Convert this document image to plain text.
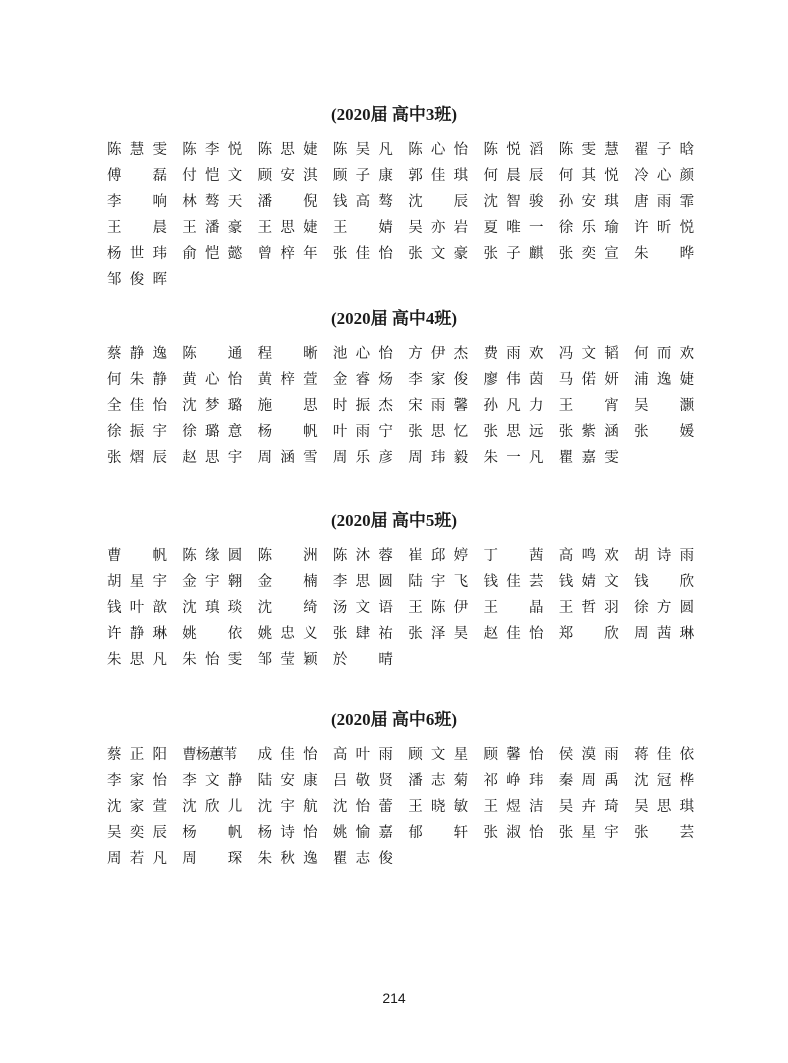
(2020届 高中3班)
陈慧雯 陈李悦 陈思婕 陈吴凡 陈心怡 陈悦滔 陈雯慧 翟子晗
傅 磊 付恺文 顾安淇 顾子康 郭佳琪 何晨辰 何其悦 冷心颜
李 响 林骜天 潘 倪 钱高骜 沈 辰 沈智骏 孙安琪 唐雨霏
王 晨 王潘豪 王思婕 王 婧 吴亦岩 夏唯一 徐乐瑜 许昕悦
杨世玮 俞恺懿 曾梓年 张佳怡 张文豪 张子麒 张奕宣 朱 晔
邹俊晖
(2020届 高中4班)
蔡静逸 陈 通 程 晰 池心怡 方伊杰 费雨欢 冯文韬 何而欢
何朱静 黄心怡 黄梓萱 金睿炀 李家俊 廖伟茵 马偌妍 浦逸婕
全佳怡 沈梦璐 施 思 时振杰 宋雨馨 孙凡力 王 宵 吴 灏
徐振宇 徐璐意 杨 帆 叶雨宁 张思忆 张思远 张紫涵 张 媛
张熠辰 赵思宇 周涵雪 周乐彦 周玮毅 朱一凡 瞿嘉雯
(2020届 高中5班)
曹 帆 陈缘圆 陈 洲 陈沐蓉 崔邱婷 丁 茜 高鸣欢 胡诗雨
胡星宇 金宇翱 金 楠 李思圆 陆宇飞 钱佳芸 钱婧文 钱 欣
钱叶歆 沈瑱琰 沈 绮 汤文语 王陈伊 王 晶 王哲羽 徐方圆
许静琳 姚 依 姚忠义 张肆祐 张泽昊 赵佳怡 郑 欣 周茜琳
朱思凡 朱怡雯 邹莹颖 於 晴
(2020届 高中6班)
蔡正阳 曹杨蕙苇 成佳怡 高叶雨 顾文星 顾馨怡 侯漠雨 蒋佳依
李家怡 李文静 陆安康 吕敬贤 潘志菊 祁峥玮 秦周禹 沈冠桦
沈家萱 沈欣儿 沈宇航 沈怡蕾 王晓敏 王煜洁 吴卉琦 吴思琪
吴奕辰 杨 帆 杨诗怡 姚愉嘉 郁 轩 张淑怡 张星宇 张 芸
周若凡 周 琛 朱秋逸 瞿志俊
214
